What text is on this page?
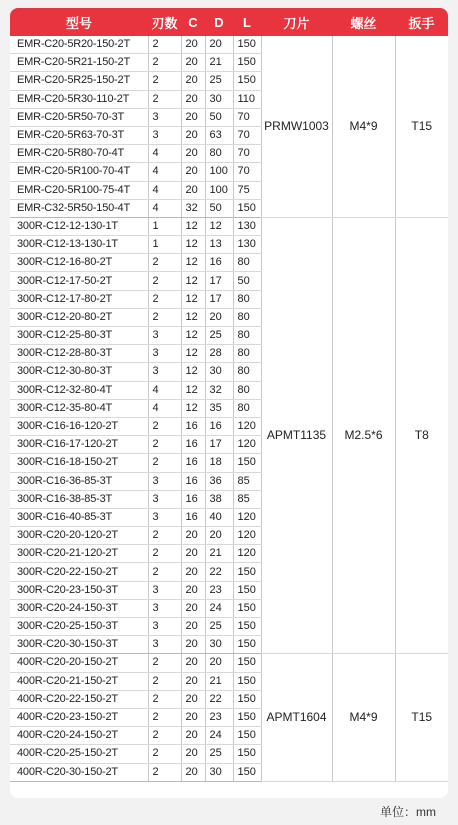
型号	刃数	C	D	L	刀片	螺丝	扳手
EMR-C20-5R20-150-2T	2	20	20	150	PRMW1003	M4*9	T15
EMR-C20-5R21-150-2T	2	20	21	150			
EMR-C20-5R25-150-2T	2	20	25	150			
EMR-C20-5R30-110-2T	2	20	30	110			
EMR-C20-5R50-70-3T	3	20	50	70			
EMR-C20-5R63-70-3T	3	20	63	70			
EMR-C20-5R80-70-4T	4	20	80	70			
EMR-C20-5R100-70-4T	4	20	100	70			
EMR-C20-5R100-75-4T	4	20	100	75			
EMR-C32-5R50-150-4T	4	32	50	150			
300R-C12-12-130-1T	1	12	12	130	APMT1135	M2.5*6	T8
300R-C12-13-130-1T	1	12	13	130			
300R-C12-16-80-2T	2	12	16	80			
300R-C12-17-50-2T	2	12	17	50			
300R-C12-17-80-2T	2	12	17	80			
300R-C12-20-80-2T	2	12	20	80			
300R-C12-25-80-3T	3	12	25	80			
300R-C12-28-80-3T	3	12	28	80			
300R-C12-30-80-3T	3	12	30	80			
300R-C12-32-80-4T	4	12	32	80			
300R-C12-35-80-4T	4	12	35	80			
300R-C16-16-120-2T	2	16	16	120			
300R-C16-17-120-2T	2	16	17	120			
300R-C16-18-150-2T	2	16	18	150			
300R-C16-36-85-3T	3	16	36	85			
300R-C16-38-85-3T	3	16	38	85			
300R-C16-40-85-3T	3	16	40	120			
300R-C20-20-120-2T	2	20	20	120			
300R-C20-21-120-2T	2	20	21	120			
300R-C20-22-150-2T	2	20	22	150			
300R-C20-23-150-3T	3	20	23	150			
300R-C20-24-150-3T	3	20	24	150			
300R-C20-25-150-3T	3	20	25	150			
300R-C20-30-150-3T	3	20	30	150			
400R-C20-20-150-2T	2	20	20	150	APMT1604	M4*9	T15
400R-C20-21-150-2T	2	20	21	150			
400R-C20-22-150-2T	2	20	22	150			
400R-C20-23-150-2T	2	20	23	150			
400R-C20-24-150-2T	2	20	24	150			
400R-C20-25-150-2T	2	20	25	150			
400R-C20-30-150-2T	2	20	30	150			
单位：mm
